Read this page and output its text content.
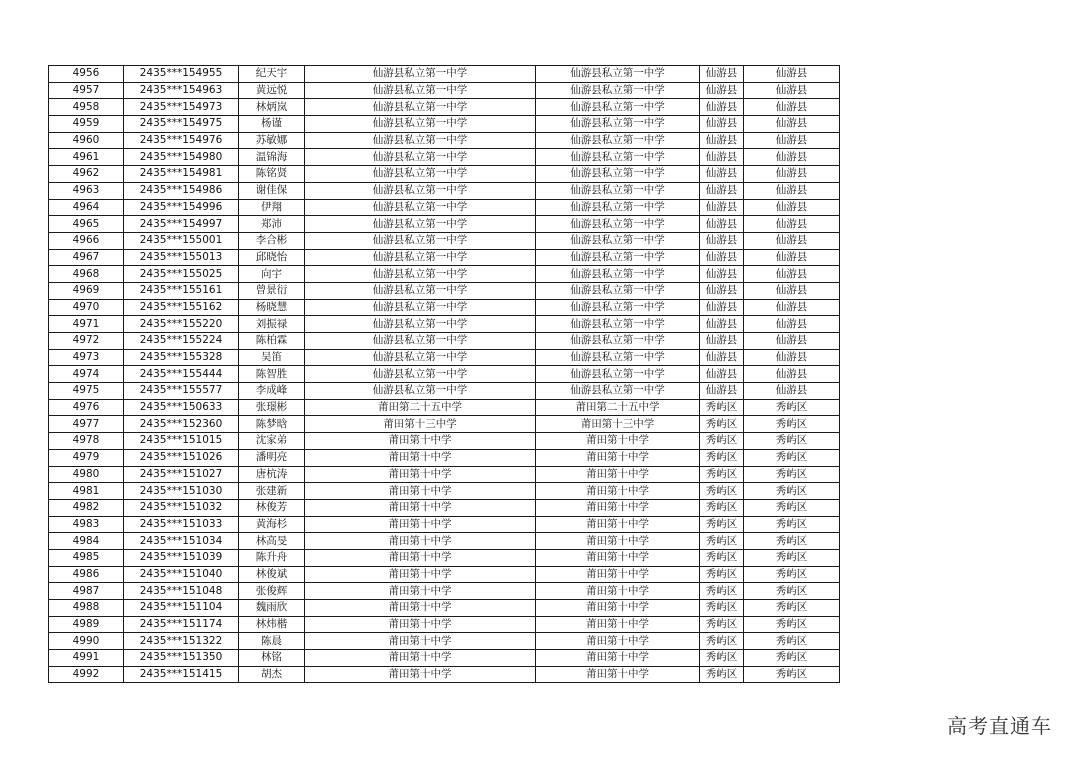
4956	2435***154955	纪天宇	仙游县私立第一中学	仙游县私立第一中学	仙游县	仙游县
4957	2435***154963	黄远悦	仙游县私立第一中学	仙游县私立第一中学	仙游县	仙游县
4958	2435***154973	林炳岚	仙游县私立第一中学	仙游县私立第一中学	仙游县	仙游县
4959	2435***154975	杨谨	仙游县私立第一中学	仙游县私立第一中学	仙游县	仙游县
4960	2435***154976	苏敏娜	仙游县私立第一中学	仙游县私立第一中学	仙游县	仙游县
4961	2435***154980	温锦海	仙游县私立第一中学	仙游县私立第一中学	仙游县	仙游县
4962	2435***154981	陈铭贤	仙游县私立第一中学	仙游县私立第一中学	仙游县	仙游县
4963	2435***154986	谢佳保	仙游县私立第一中学	仙游县私立第一中学	仙游县	仙游县
4964	2435***154996	伊翔	仙游县私立第一中学	仙游县私立第一中学	仙游县	仙游县
4965	2435***154997	郑沛	仙游县私立第一中学	仙游县私立第一中学	仙游县	仙游县
4966	2435***155001	李合彬	仙游县私立第一中学	仙游县私立第一中学	仙游县	仙游县
4967	2435***155013	邱晓怡	仙游县私立第一中学	仙游县私立第一中学	仙游县	仙游县
4968	2435***155025	向宇	仙游县私立第一中学	仙游县私立第一中学	仙游县	仙游县
4969	2435***155161	曾景衍	仙游县私立第一中学	仙游县私立第一中学	仙游县	仙游县
4970	2435***155162	杨晓慧	仙游县私立第一中学	仙游县私立第一中学	仙游县	仙游县
4971	2435***155220	刘振禄	仙游县私立第一中学	仙游县私立第一中学	仙游县	仙游县
4972	2435***155224	陈柏霖	仙游县私立第一中学	仙游县私立第一中学	仙游县	仙游县
4973	2435***155328	吴笛	仙游县私立第一中学	仙游县私立第一中学	仙游县	仙游县
4974	2435***155444	陈智胜	仙游县私立第一中学	仙游县私立第一中学	仙游县	仙游县
4975	2435***155577	李成峰	仙游县私立第一中学	仙游县私立第一中学	仙游县	仙游县
4976	2435***150633	张璟彬	莆田第二十五中学	莆田第二十五中学	秀屿区	秀屿区
4977	2435***152360	陈梦晗	莆田第十三中学	莆田第十三中学	秀屿区	秀屿区
4978	2435***151015	沈家弟	莆田第十中学	莆田第十中学	秀屿区	秀屿区
4979	2435***151026	潘明亮	莆田第十中学	莆田第十中学	秀屿区	秀屿区
4980	2435***151027	唐杭涛	莆田第十中学	莆田第十中学	秀屿区	秀屿区
4981	2435***151030	张建新	莆田第十中学	莆田第十中学	秀屿区	秀屿区
4982	2435***151032	林俊芳	莆田第十中学	莆田第十中学	秀屿区	秀屿区
4983	2435***151033	黄海杉	莆田第十中学	莆田第十中学	秀屿区	秀屿区
4984	2435***151034	林高旻	莆田第十中学	莆田第十中学	秀屿区	秀屿区
4985	2435***151039	陈升舟	莆田第十中学	莆田第十中学	秀屿区	秀屿区
4986	2435***151040	林俊斌	莆田第十中学	莆田第十中学	秀屿区	秀屿区
4987	2435***151048	张俊辉	莆田第十中学	莆田第十中学	秀屿区	秀屿区
4988	2435***151104	魏雨欣	莆田第十中学	莆田第十中学	秀屿区	秀屿区
4989	2435***151174	林炜楷	莆田第十中学	莆田第十中学	秀屿区	秀屿区
4990	2435***151322	陈晨	莆田第十中学	莆田第十中学	秀屿区	秀屿区
4991	2435***151350	林铭	莆田第十中学	莆田第十中学	秀屿区	秀屿区
4992	2435***151415	胡杰	莆田第十中学	莆田第十中学	秀屿区	秀屿区
高考直通车
